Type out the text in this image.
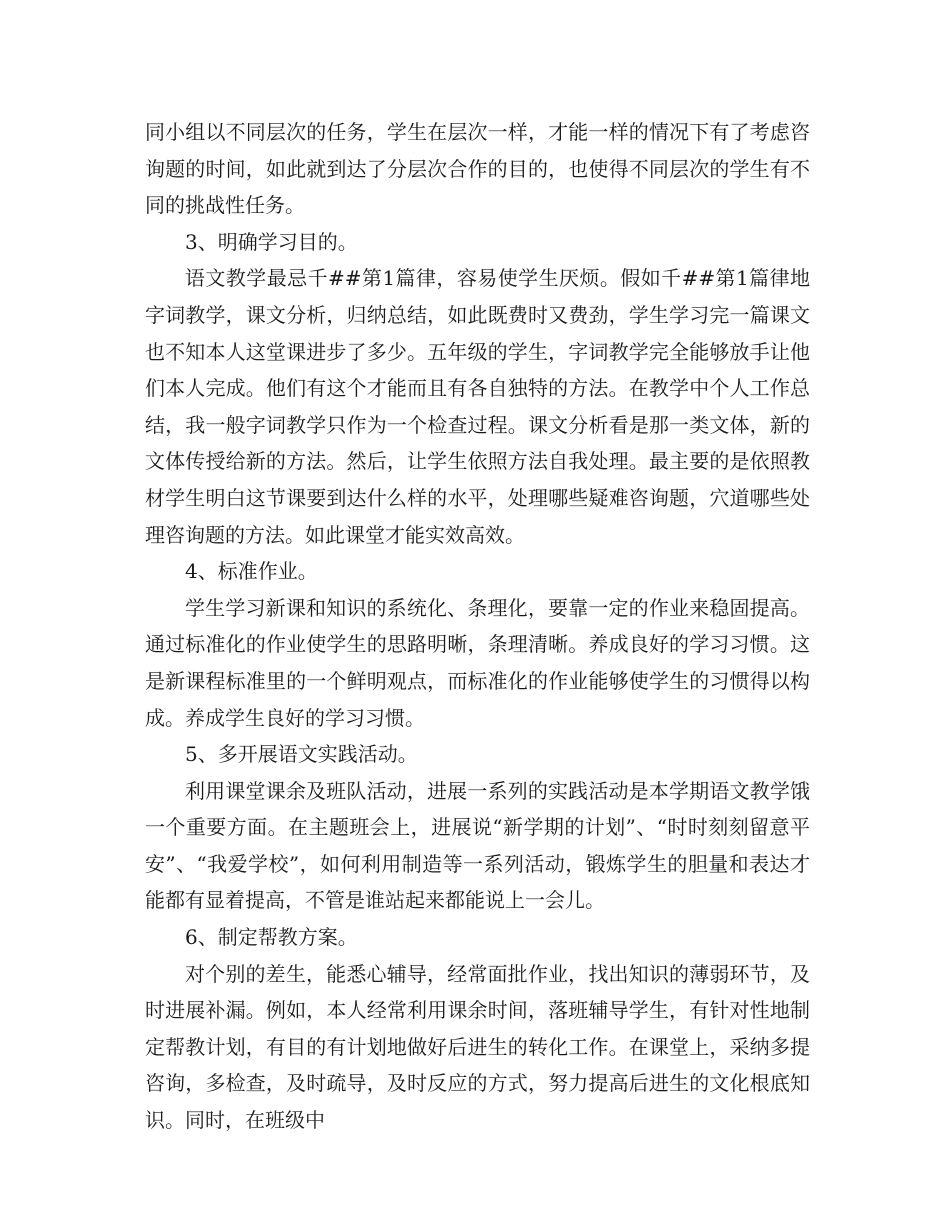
同小组以不同层次的任务，学生在层次一样，才能一样的情况下有了考虑咨询题的时间，如此就到达了分层次合作的目的，也使得不同层次的学生有不同的挑战性任务。

3、明确学习目的。

语文教学最忌千##第1篇律，容易使学生厌烦。假如千##第1篇律地字词教学，课文分析，归纳总结，如此既费时又费劲，学生学习完一篇课文也不知本人这堂课进步了多少。五年级的学生，字词教学完全能够放手让他们本人完成。他们有这个才能而且有各自独特的方法。在教学中个人工作总结，我一般字词教学只作为一个检查过程。课文分析看是那一类文体，新的文体传授给新的方法。然后，让学生依照方法自我处理。最主要的是依照教材学生明白这节课要到达什么样的水平，处理哪些疑难咨询题，穴道哪些处理咨询题的方法。如此课堂才能实效高效。

4、标准作业。

学生学习新课和知识的系统化、条理化，要靠一定的作业来稳固提高。通过标准化的作业使学生的思路明晰，条理清晰。养成良好的学习习惯。这是新课程标准里的一个鲜明观点，而标准化的作业能够使学生的习惯得以构成。养成学生良好的学习习惯。

5、多开展语文实践活动。

利用课堂课余及班队活动，进展一系列的实践活动是本学期语文教学饿一个重要方面。在主题班会上，进展说“新学期的计划”、“时时刻刻留意平安”、“我爱学校”，如何利用制造等一系列活动，锻炼学生的胆量和表达才能都有显着提高，不管是谁站起来都能说上一会儿。

6、制定帮教方案。

对个别的差生，能悉心辅导，经常面批作业，找出知识的薄弱环节，及时进展补漏。例如，本人经常利用课余时间，落班辅导学生，有针对性地制定帮教计划，有目的有计划地做好后进生的转化工作。在课堂上，采纳多提咨询，多检查，及时疏导，及时反应的方式，努力提高后进生的文化根底知识。同时，在班级中
